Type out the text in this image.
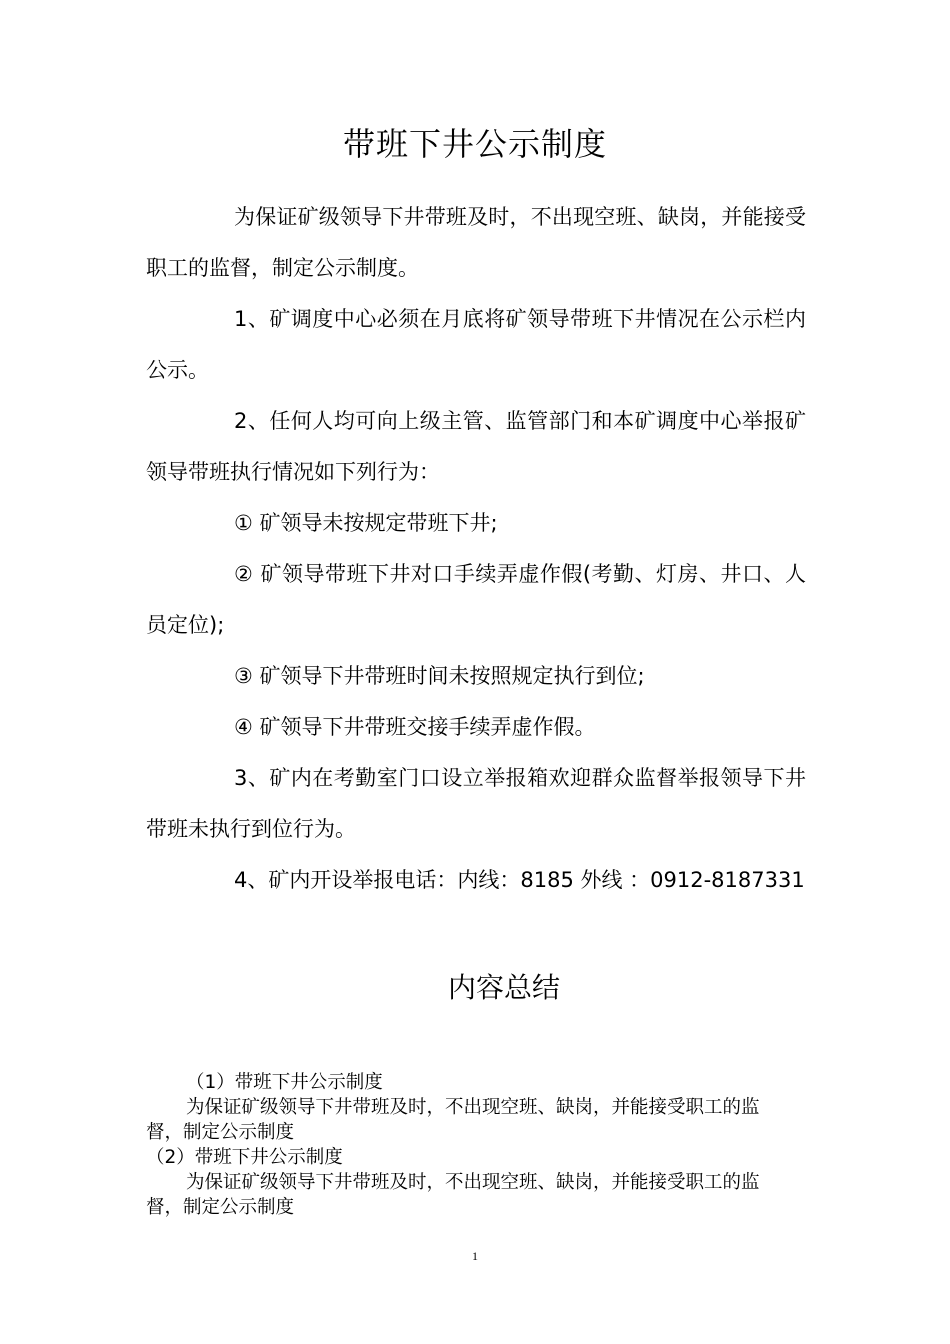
带班下井公示制度

为保证矿级领导下井带班及时，不出现空班、缺岗，并能接受职工的监督，制定公示制度。

1、矿调度中心必须在月底将矿领导带班下井情况在公示栏内公示。

2、任何人均可向上级主管、监管部门和本矿调度中心举报矿领导带班执行情况如下列行为：

① 矿领导未按规定带班下井;

② 矿领导带班下井对口手续弄虚作假(考勤、灯房、井口、人员定位);

③ 矿领导下井带班时间未按照规定执行到位;

④ 矿领导下井带班交接手续弄虚作假。

3、矿内在考勤室门口设立举报箱欢迎群众监督举报领导下井带班未执行到位行为。

4、矿内开设举报电话：内线：8185 外线 ：0912-8187331

内容总结

（1）带班下井公示制度

为保证矿级领导下井带班及时，不出现空班、缺岗，并能接受职工的监督，制定公示制度

（2）带班下井公示制度

为保证矿级领导下井带班及时，不出现空班、缺岗，并能接受职工的监督，制定公示制度

1
